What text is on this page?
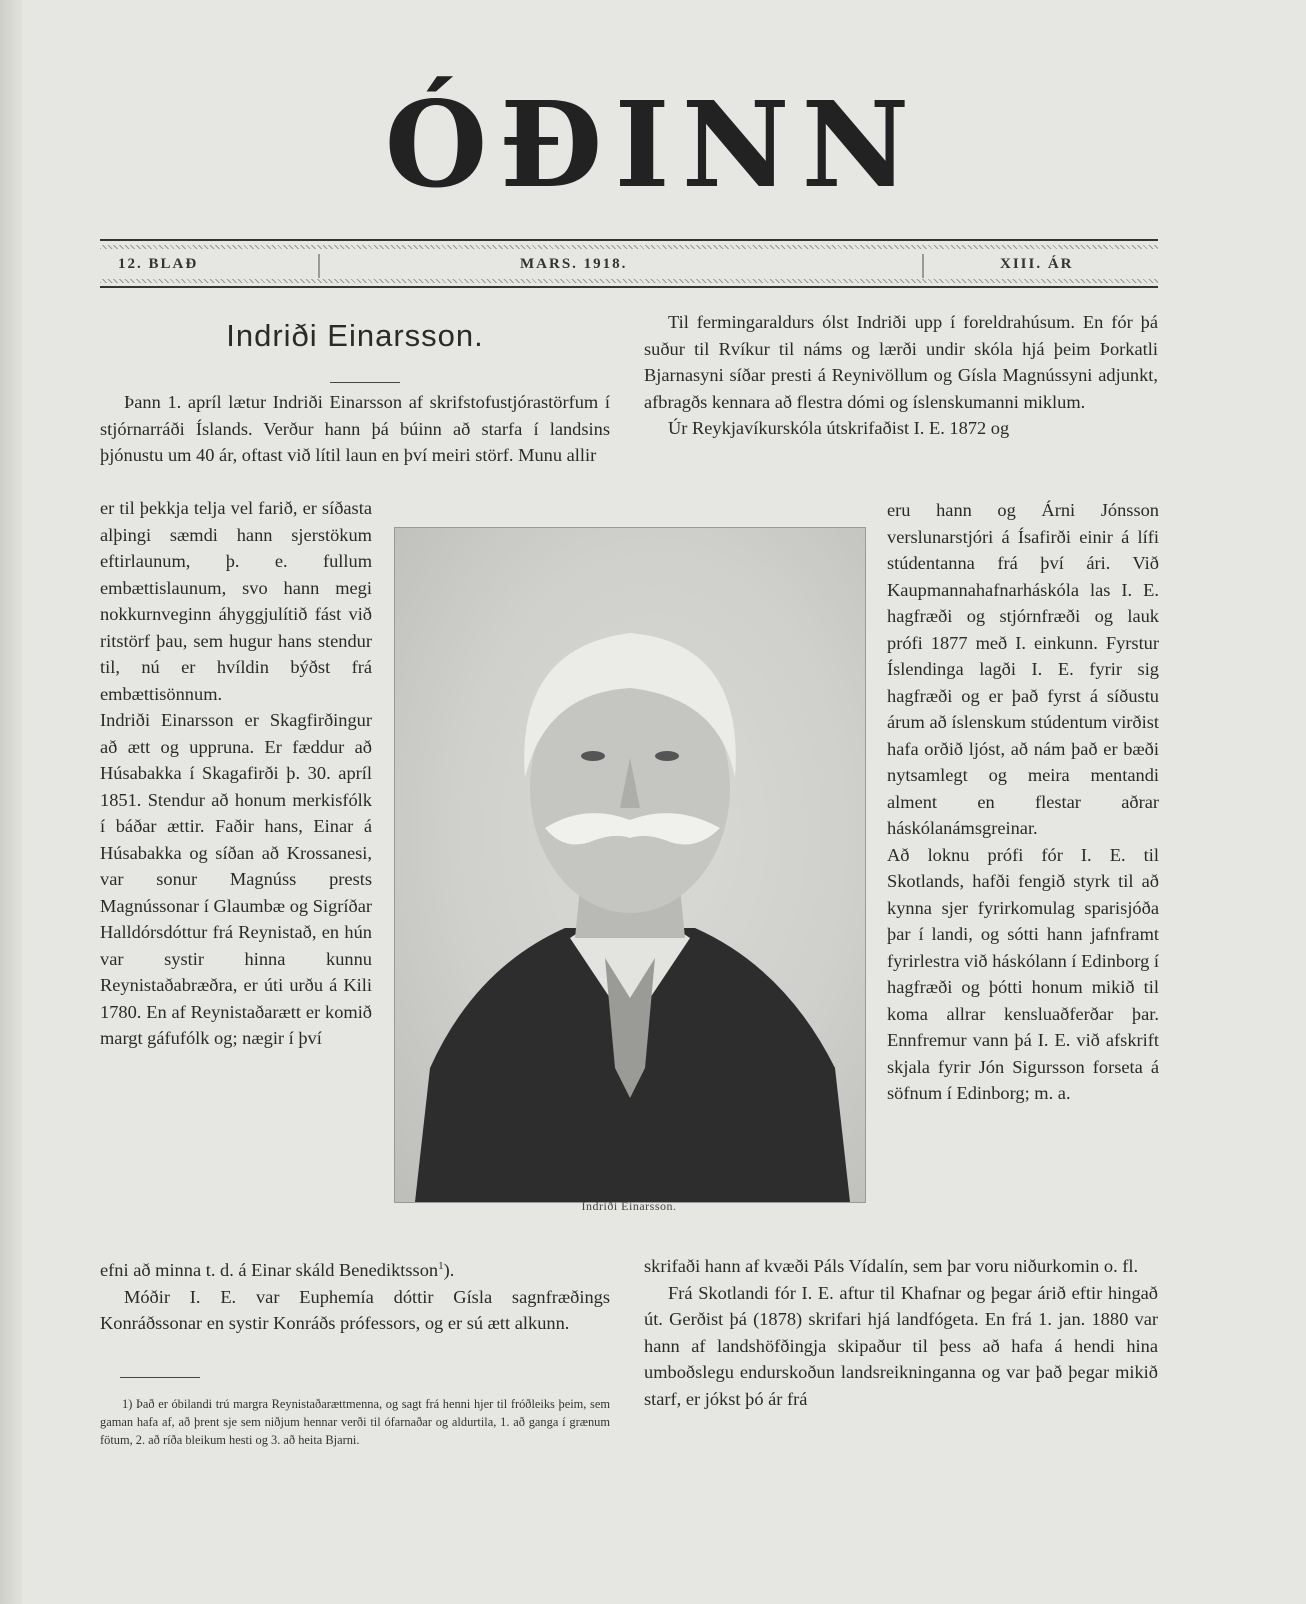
ÓÐINN
12. BLAÐ	MARS. 1918.	XIII. ÁR
Indriði Einarsson.

Þann 1. apríl lætur Indriði Einarsson af skrifstofustjórastörfum í stjórnarráði Íslands. Verður hann þá búinn að starfa í landsins þjónustu um 40 ár, oftast við lítil laun en því meiri störf. Munu allir

er til þekkja telja vel farið, er síðasta alþingi sæmdi hann sjerstökum eftirlaunum, þ. e. fullum embættislaunum, svo hann megi nokkurnveginn áhyggjulítið fást við ritstörf þau, sem hugur hans stendur til, nú er hvíldin býðst frá embættisönnum.

Indriði Einarsson er Skagfirðingur að ætt og uppruna. Er fæddur að Húsabakka í Skagafirði þ. 30. apríl 1851. Stendur að honum merkisfólk í báðar ættir. Faðir hans, Einar á Húsabakka og síðan að Krossanesi, var sonur Magnúss prests Magnússonar í Glaumbæ og Sigríðar Halldórsdóttur frá Reynistað, en hún var systir hinna kunnu Reynistaðabræðra, er úti urðu á Kili 1780. En af Reynistaðarætt er komið margt gáfufólk og; nægir í því

efni að minna t. d. á Einar skáld Benediktsson$^1$).

Móðir I. E. var Euphemía dóttir Gísla sagnfræðings Konráðssonar en systir Konráðs prófessors, og er sú ætt alkunn.

1) Það er óbilandi trú margra Reynistaðarættmenna, og sagt frá henni hjer til fróðleiks þeim, sem gaman hafa af, að þrent sje sem niðjum hennar verði til ófarnaðar og aldurtila, 1. að ganga í grænum fötum, 2. að ríða bleikum hesti og 3. að heita Bjarni.

Indriði Einarsson.

Til fermingaraldurs ólst Indriði upp í foreldrahúsum. En fór þá suður til Rvíkur til náms og lærði undir skóla hjá þeim Þorkatli Bjarnasyni síðar presti á Reynivöllum og Gísla Magnússyni adjunkt, afbragðs kennara að flestra dómi og íslenskumanni miklum.

Úr Reykjavíkurskóla útskrifaðist I. E. 1872 og

eru hann og Árni Jónsson verslunarstjóri á Ísafirði einir á lífi stúdentanna frá því ári. Við Kaupmannahafnarháskóla las I. E. hagfræði og stjórnfræði og lauk prófi 1877 með I. einkunn. Fyrstur Íslendinga lagði I. E. fyrir sig hagfræði og er það fyrst á síðustu árum að íslenskum stúdentum virðist hafa orðið ljóst, að nám það er bæði nytsamlegt og meira mentandi alment en flestar aðrar háskólanámsgreinar.

Að loknu prófi fór I. E. til Skotlands, hafði fengið styrk til að kynna sjer fyrirkomulag sparisjóða þar í landi, og sótti hann jafnframt fyrirlestra við háskólann í Edinborg í hagfræði og þótti honum mikið til koma allrar kensluaðferðar þar. Ennfremur vann þá I. E. við afskrift skjala fyrir Jón Sigursson forseta á söfnum í Edinborg; m. a.

skrifaði hann af kvæði Páls Vídalín, sem þar voru niðurkomin o. fl.

Frá Skotlandi fór I. E. aftur til Khafnar og þegar árið eftir hingað út. Gerðist þá (1878) skrifari hjá landfógeta. En frá 1. jan. 1880 var hann af landshöfðingja skipaður til þess að hafa á hendi hina umboðslegu endurskoðun landsreikninganna og var það þegar mikið starf, er jókst þó ár frá
